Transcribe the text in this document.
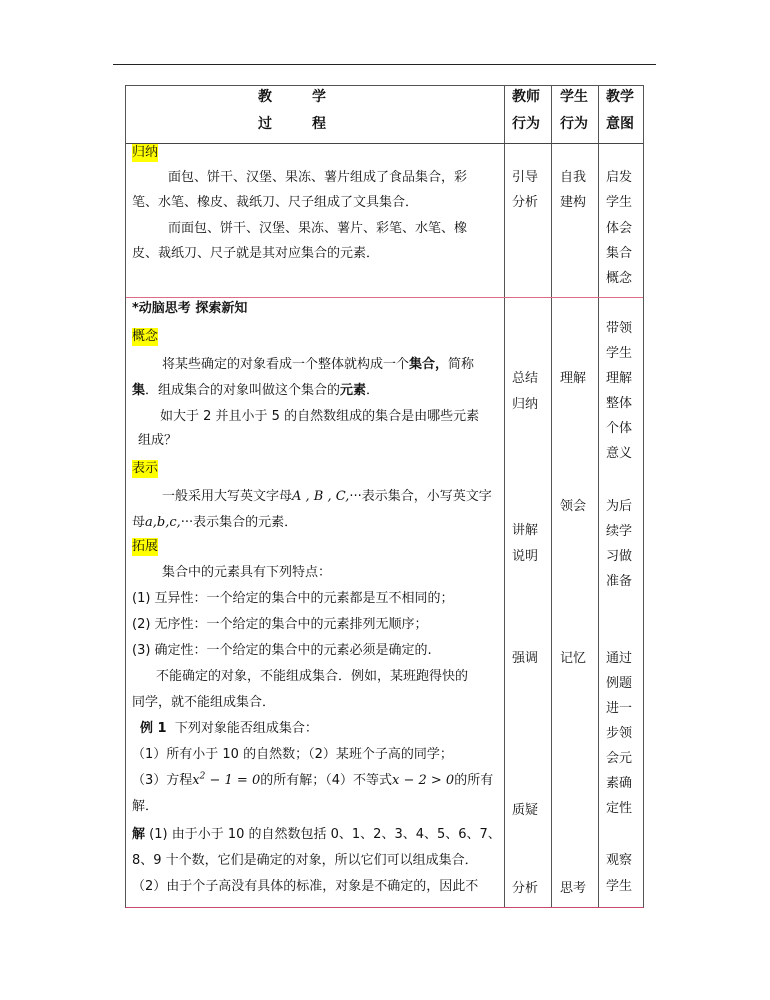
教	学
过	程
教师
行为
学生
行为
教学
意图
归纳
面包、饼干、汉堡、果冻、薯片组成了食品集合，彩
笔、水笔、橡皮、裁纸刀、尺子组成了文具集合．
而面包、饼干、汉堡、果冻、薯片、彩笔、水笔、橡
皮、裁纸刀、尺子就是其对应集合的元素．
引导
分析
自我
建构
启发
学生
体会
集合
概念
*动脑思考 探索新知
概念
将某些确定的对象看成一个整体就构成一个集合，简称
集．组成集合的对象叫做这个集合的元素．
如大于 2 并且小于 5 的自然数组成的集合是由哪些元素
组成？
表示
一般采用大写英文字母A , B , C,···表示集合，小写英文字
母a,b,c,···表示集合的元素．
拓展
集合中的元素具有下列特点：
(1) 互异性：一个给定的集合中的元素都是互不相同的；
(2) 无序性：一个给定的集合中的元素排列无顺序；
(3) 确定性：一个给定的集合中的元素必须是确定的.
不能确定的对象，不能组成集合．例如，某班跑得快的
同学，就不能组成集合．
例 1 下列对象能否组成集合：
（1）所有小于 10 的自然数；（2）某班个子高的同学；
（3）方程$x^2 - 1 = 0$的所有解；（4）不等式x − 2 > 0的所有
解．
解 (1) 由于小于 10 的自然数包括 0、1、2、3、4、5、6、7、
8、9 十个数，它们是确定的对象，所以它们可以组成集合．
（2）由于个子高没有具体的标准，对象是不确定的，因此不
总结
归纳
讲解
说明
强调
质疑
分析
理解
领会
记忆
思考
带领
学生
理解
整体
个体
意义
为后
续学
习做
准备
通过
例题
进一
步领
会元
素确
定性
观察
学生
